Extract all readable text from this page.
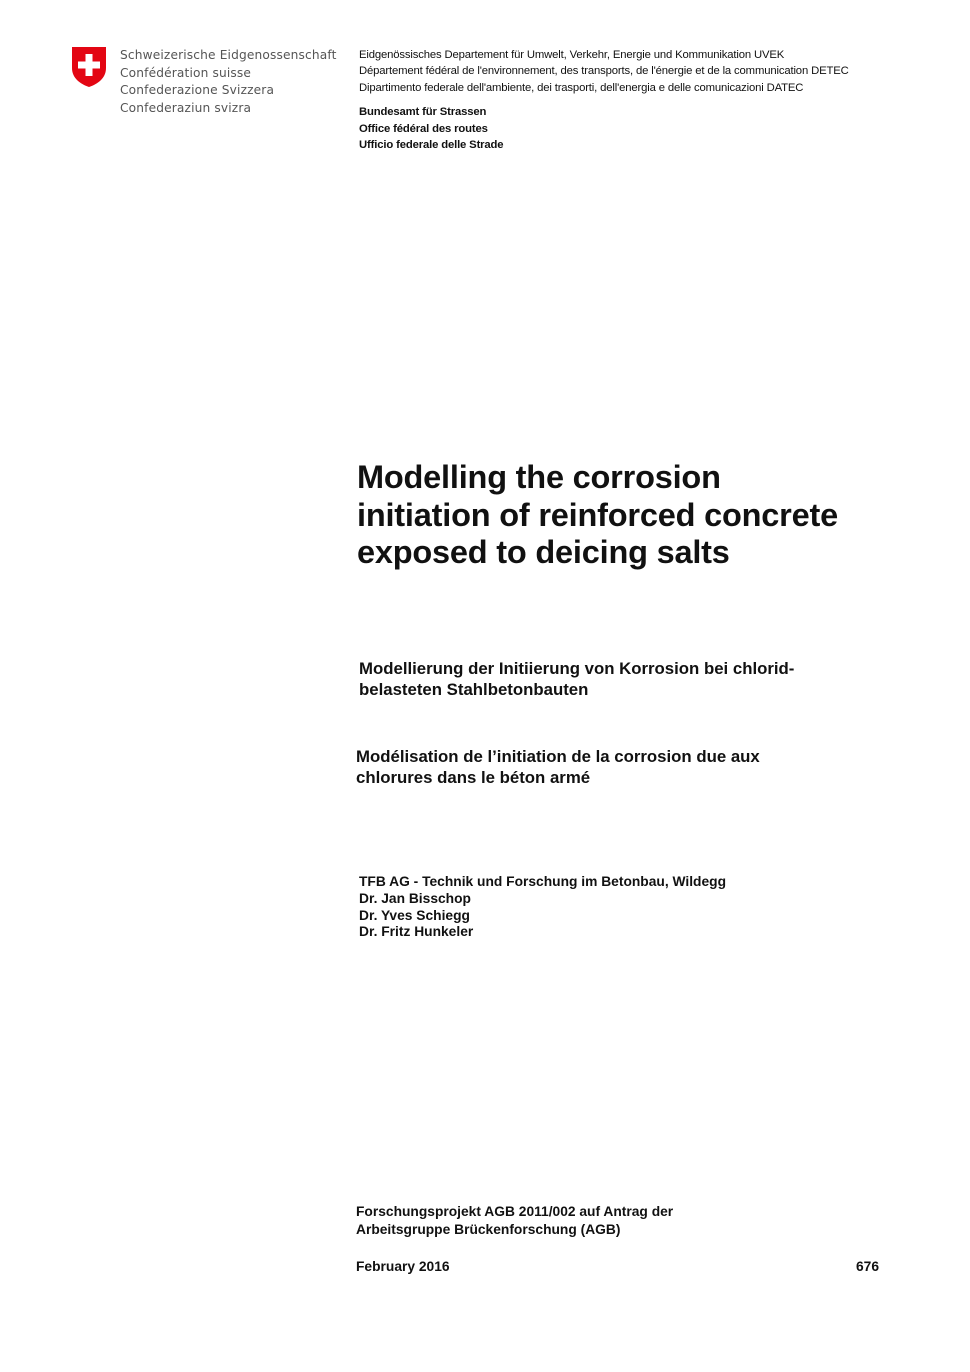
Schweizerische Eidgenossenschaft
Confédération suisse
Confederazione Svizzera
Confederaziun svizra
Eidgenössisches Departement für Umwelt, Verkehr, Energie und Kommunikation UVEK
Département fédéral de l'environnement, des transports, de l'énergie et de la communication DETEC
Dipartimento federale dell'ambiente, dei trasporti, dell'energia e delle comunicazioni DATEC
Bundesamt für Strassen
Office fédéral des routes
Ufficio federale delle Strade
Modelling the corrosion
initiation of reinforced concrete
exposed to deicing salts
Modellierung der Initiierung von Korrosion bei chlorid-
belasteten Stahlbetonbauten
Modélisation de l’initiation de la corrosion due aux
chlorures dans le béton armé
TFB AG - Technik und Forschung im Betonbau, Wildegg
Dr. Jan Bisschop
Dr. Yves Schiegg
Dr. Fritz Hunkeler
Forschungsprojekt AGB 2011/002 auf Antrag der
Arbeitsgruppe Brückenforschung (AGB)
February 2016	676
